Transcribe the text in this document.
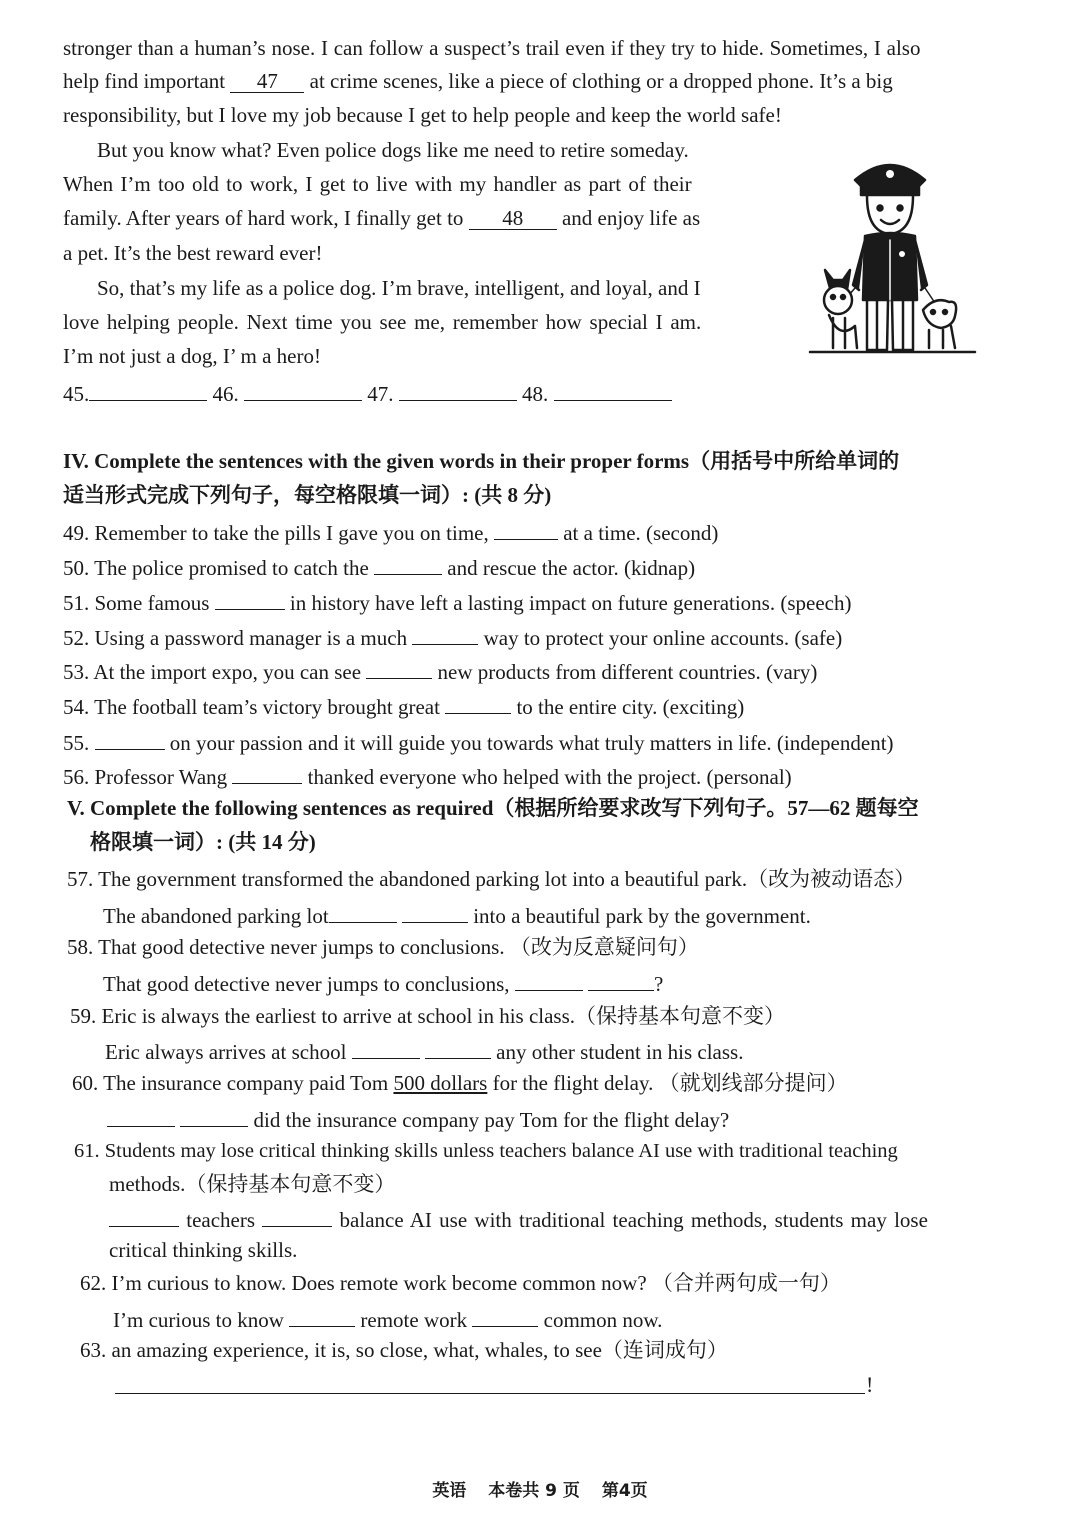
stronger than a human’s nose. I can follow a suspect’s trail even if they try to hide. Sometimes, I also
help find important 47 at crime scenes, like a piece of clothing or a dropped phone. It’s a big
responsibility, but I love my job because I get to help people and keep the world safe!
But you know what? Even police dogs like me need to retire someday.
When I’m too old to work, I get to live with my handler as part of their
family. After years of hard work, I finally get to 48 and enjoy life as
a pet. It’s the best reward ever!
So, that’s my life as a police dog. I’m brave, intelligent, and loyal, and I
love helping people. Next time you see me, remember how special I am.
I’m not just a dog, I’ m a hero!
45.	46.	47.	48.
IV. Complete the sentences with the given words in their proper forms（用括号中所给单词的
适当形式完成下列句子，每空格限填一词）: (共 8 分)
49. Remember to take the pills I gave you on time,	at a time. (second)
50. The police promised to catch the	and rescue the actor. (kidnap)
51. Some famous	in history have left a lasting impact on future generations. (speech)
52. Using a password manager is a much	way to protect your online accounts. (safe)
53. At the import expo, you can see	new products from different countries. (vary)
54. The football team’s victory brought great	to the entire city. (exciting)
55.	on your passion and it will guide you towards what truly matters in life. (independent)
56. Professor Wang	thanked everyone who helped with the project. (personal)
V. Complete the following sentences as required（根据所给要求改写下列句子。57—62 题每空
格限填一词）: (共 14 分)
57. The government transformed the abandoned parking lot into a beautiful park.（改为被动语态）
The abandoned parking lot	into a beautiful park by the government.
58. That good detective never jumps to conclusions. （改为反意疑问句）
That good detective never jumps to conclusions,	?
59. Eric is always the earliest to arrive at school in his class.（保持基本句意不变）
Eric always arrives at school	any other student in his class.
60. The insurance company paid Tom 500 dollars for the flight delay. （就划线部分提问）
did the insurance company pay Tom for the flight delay?
61. Students may lose critical thinking skills unless teachers balance AI use with traditional teaching
methods.（保持基本句意不变）
teachers	balance AI use with traditional teaching methods, students may lose
critical thinking skills.
62. I’m curious to know. Does remote work become common now? （合并两句成一句）
I’m curious to know	remote work	common now.
63. an amazing experience, it is, so close, what, whales, to see（连词成句）
!
英语 本卷共 9 页 第4页
